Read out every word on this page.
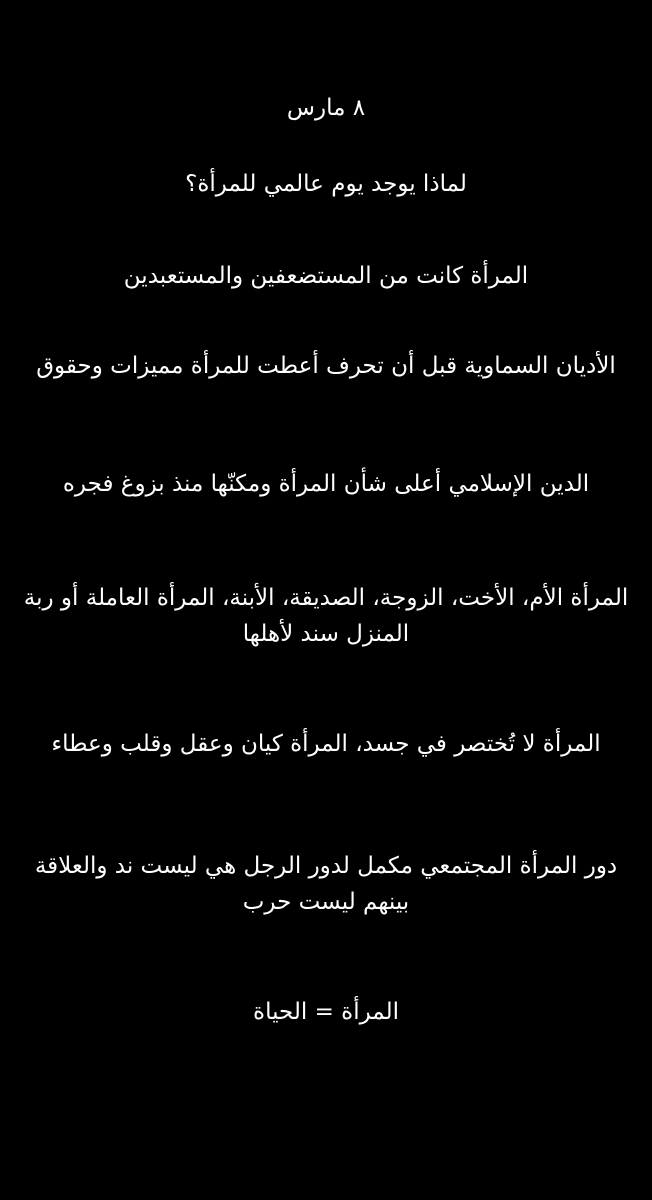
٨ مارس
لماذا يوجد يوم عالمي للمرأة؟
المرأة كانت من المستضعفين والمستعبدين
الأديان السماوية قبل أن تحرف أعطت للمرأة مميزات وحقوق
الدين الإسلامي أعلى شأن المرأة ومكنّها منذ بزوغ فجره
المرأة الأم، الأخت، الزوجة، الصديقة، الأبنة، المرأة العاملة أو ربة المنزل سند لأهلها
المرأة لا تُختصر في جسد، المرأة كيان وعقل وقلب وعطاء
دور المرأة المجتمعي مكمل لدور الرجل هي ليست ند والعلاقة بينهم ليست حرب
المرأة = الحياة
